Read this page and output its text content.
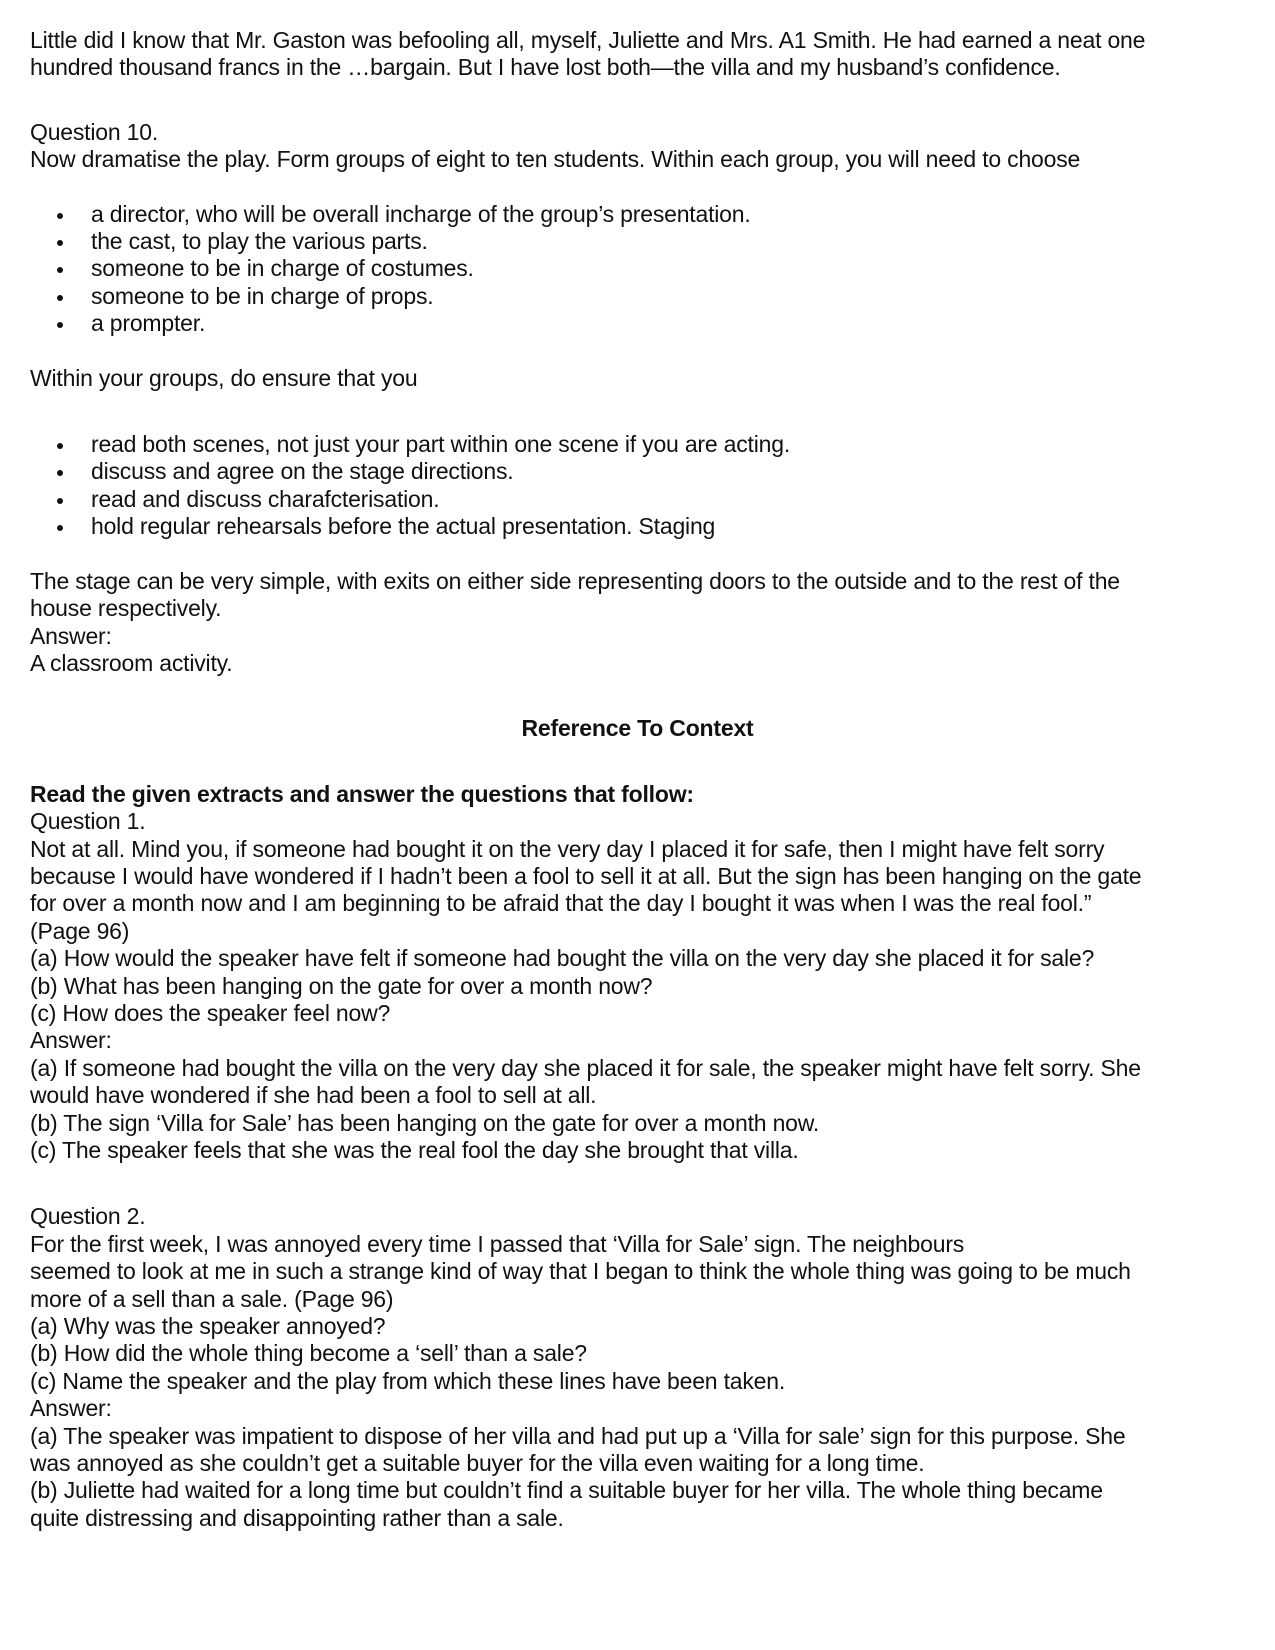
Little did I know that Mr. Gaston was befooling all, myself, Juliette and Mrs. A1 Smith. He had earned a neat one

hundred thousand francs in the …bargain. But I have lost both—the villa and my husband’s confidence.

Question 10.

Now dramatise the play. Form groups of eight to ten students. Within each group, you will need to choose

a director, who will be overall incharge of the group’s presentation.
the cast, to play the various parts.
someone to be in charge of costumes.
someone to be in charge of props.
a prompter.

Within your groups, do ensure that you

read both scenes, not just your part within one scene if you are acting.
discuss and agree on the stage directions.
read and discuss charafcterisation.
hold regular rehearsals before the actual presentation. Staging

The stage can be very simple, with exits on either side representing doors to the outside and to the rest of the

house respectively.

Answer:

A classroom activity.

Reference To Context

Read the given extracts and answer the questions that follow:

Question 1.

Not at all. Mind you, if someone had bought it on the very day I placed it for safe, then I might have felt sorry

because I would have wondered if I hadn’t been a fool to sell it at all. But the sign has been hanging on the gate

for over a month now and I am beginning to be afraid that the day I bought it was when I was the real fool.”

(Page 96)

(a) How would the speaker have felt if someone had bought the villa on the very day she placed it for sale?

(b) What has been hanging on the gate for over a month now?

(c) How does the speaker feel now?

Answer:

(a) If someone had bought the villa on the very day she placed it for sale, the speaker might have felt sorry. She

would have wondered if she had been a fool to sell at all.

(b) The sign ‘Villa for Sale’ has been hanging on the gate for over a month now.

(c) The speaker feels that she was the real fool the day she brought that villa.

Question 2.

For the first week, I was annoyed every time I passed that ‘Villa for Sale’ sign. The neighbours

seemed to look at me in such a strange kind of way that I began to think the whole thing was going to be much

more of a sell than a sale. (Page 96)

(a) Why was the speaker annoyed?

(b) How did the whole thing become a ‘sell’ than a sale?

(c) Name the speaker and the play from which these lines have been taken.

Answer:

(a) The speaker was impatient to dispose of her villa and had put up a ‘Villa for sale’ sign for this purpose. She

was annoyed as she couldn’t get a suitable buyer for the villa even waiting for a long time.

(b) Juliette had waited for a long time but couldn’t find a suitable buyer for her villa. The whole thing became

quite distressing and disappointing rather than a sale.
